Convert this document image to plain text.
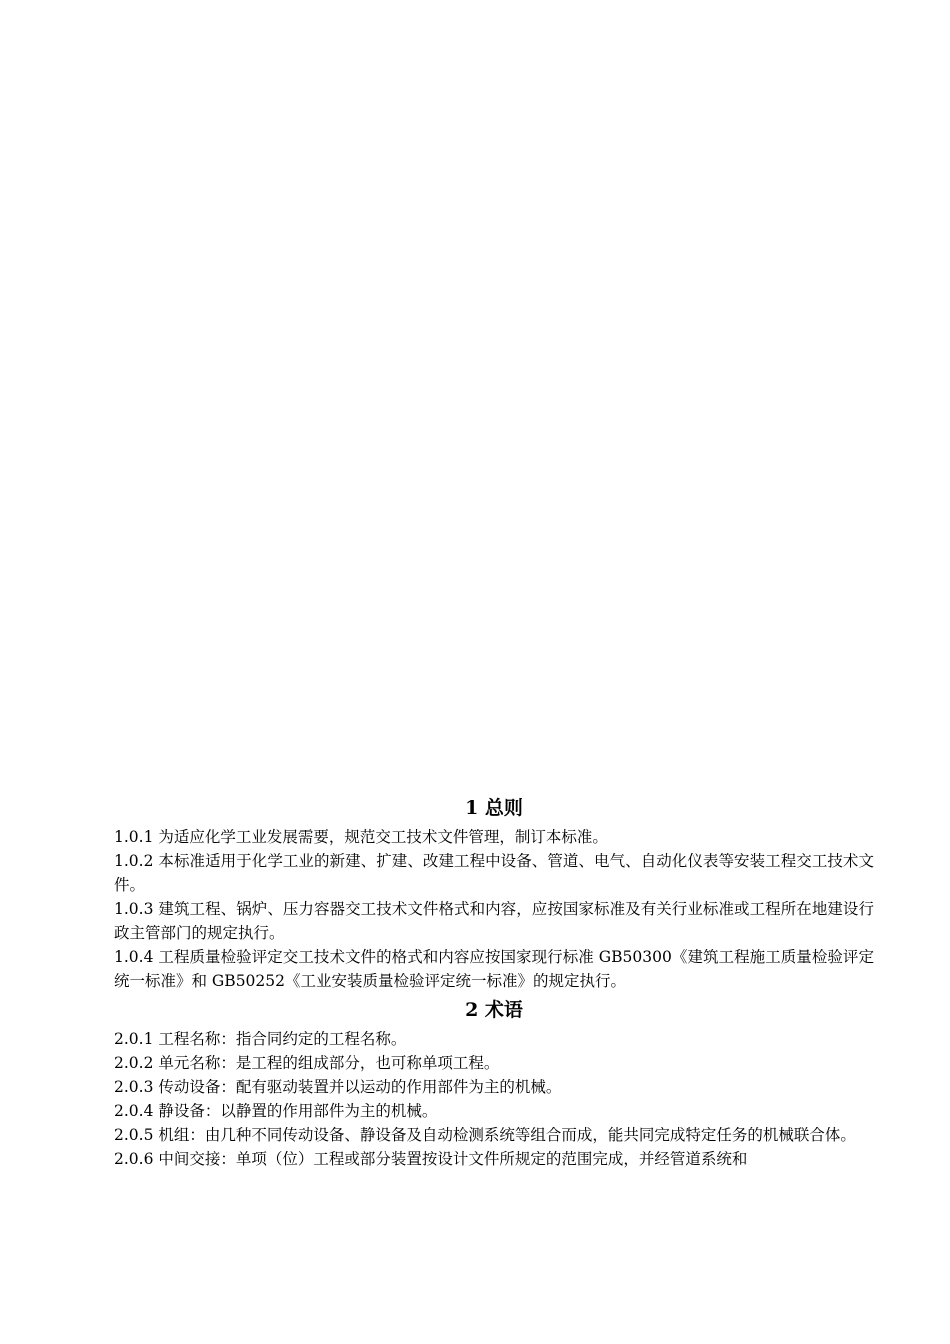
1 总则

1.0.1 为适应化学工业发展需要，规范交工技术文件管理，制订本标准。

1.0.2 本标准适用于化学工业的新建、扩建、改建工程中设备、管道、电气、自动化仪表等安装工程交工技术文件。

1.0.3 建筑工程、锅炉、压力容器交工技术文件格式和内容，应按国家标准及有关行业标准或工程所在地建设行政主管部门的规定执行。

1.0.4 工程质量检验评定交工技术文件的格式和内容应按国家现行标准 GB50300《建筑工程施工质量检验评定统一标准》和 GB50252《工业安装质量检验评定统一标准》的规定执行。

2 术语

2.0.1 工程名称：指合同约定的工程名称。

2.0.2 单元名称：是工程的组成部分，也可称单项工程。

2.0.3 传动设备：配有驱动装置并以运动的作用部件为主的机械。

2.0.4 静设备：以静置的作用部件为主的机械。

2.0.5 机组：由几种不同传动设备、静设备及自动检测系统等组合而成，能共同完成特定任务的机械联合体。

2.0.6 中间交接：单项（位）工程或部分装置按设计文件所规定的范围完成，并经管道系统和
